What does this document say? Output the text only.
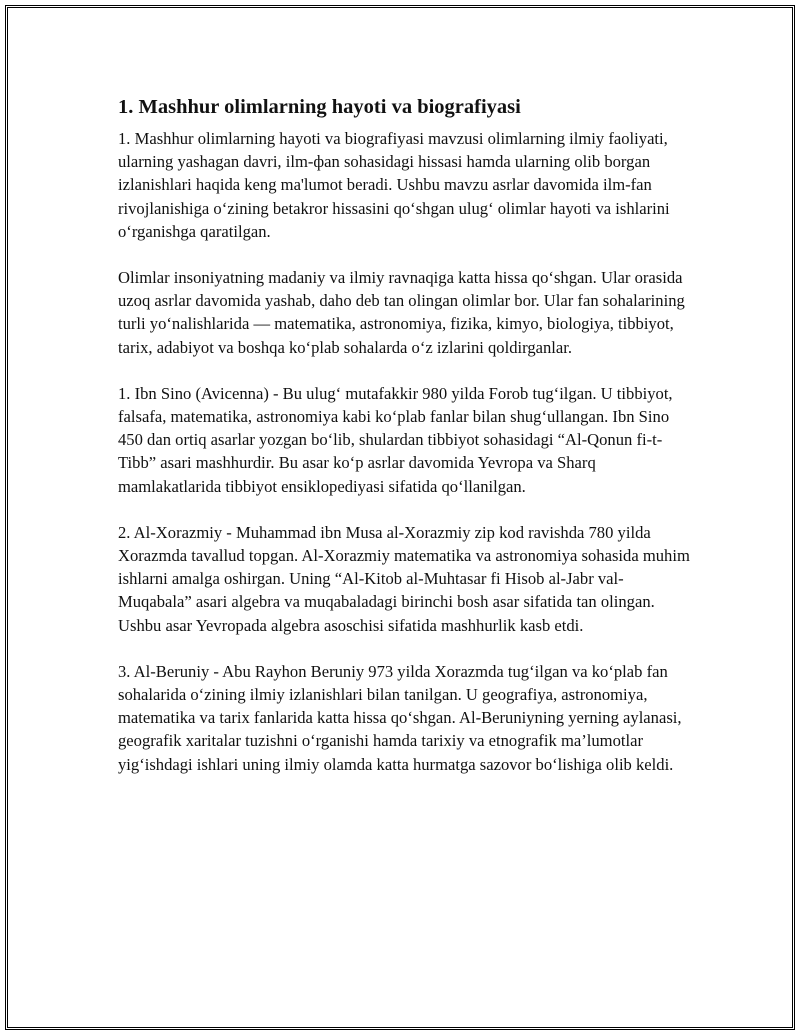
1. Mashhur olimlarning hayoti va biografiyasi

1. Mashhur olimlarning hayoti va biografiyasi mavzusi olimlarning ilmiy faoliyati, ularning yashagan davri, ilm-фan sohasidagi hissasi hamda ularning olib borgan izlanishlari haqida keng ma'lumot beradi. Ushbu mavzu asrlar davomida ilm-fan rivojlanishiga o‘zining betakror hissasini qo‘shgan ulug‘ olimlar hayoti va ishlarini o‘rganishga qaratilgan.

Olimlar insoniyatning madaniy va ilmiy ravnaqiga katta hissa qo‘shgan. Ular orasida uzoq asrlar davomida yashab, daho deb tan olingan olimlar bor. Ular fan sohalarining turli yo‘nalishlarida — matematika, astronomiya, fizika, kimyo, biologiya, tibbiyot, tarix, adabiyot va boshqa ko‘plab sohalarda o‘z izlarini qoldirganlar.

1. Ibn Sino (Avicenna) - Bu ulug‘ mutafakkir 980 yilda Forob tug‘ilgan. U tibbiyot, falsafa, matematika, astronomiya kabi ko‘plab fanlar bilan shug‘ullangan. Ibn Sino 450 dan ortiq asarlar yozgan bo‘lib, shulardan tibbiyot sohasidagi “Al-Qonun fi-t-Tibb” asari mashhurdir. Bu asar ko‘p asrlar davomida Yevropa va Sharq mamlakatlarida tibbiyot ensiklopediyasi sifatida qo‘llanilgan.

2. Al-Xorazmiy - Muhammad ibn Musa al-Xorazmiy zip kod ravishda 780 yilda Xorazmda tavallud topgan. Al-Xorazmiy matematika va astronomiya sohasida muhim ishlarni amalga oshirgan. Uning “Al-Kitob al-Muhtasar fi Hisob al-Jabr val-Muqabala” asari algebra va muqabaladagi birinchi bosh asar sifatida tan olingan. Ushbu asar Yevropada algebra asoschisi sifatida mashhurlik kasb etdi.

3. Al-Beruniy - Abu Rayhon Beruniy 973 yilda Xorazmda tug‘ilgan va ko‘plab fan sohalarida o‘zining ilmiy izlanishlari bilan tanilgan. U geografiya, astronomiya, matematika va tarix fanlarida katta hissa qo‘shgan. Al-Beruniyning yerning aylanasi, geografik xaritalar tuzishni o‘rganishi hamda tarixiy va etnografik ma’lumotlar yig‘ishdagi ishlari uning ilmiy olamda katta hurmatga sazovor bo‘lishiga olib keldi.
